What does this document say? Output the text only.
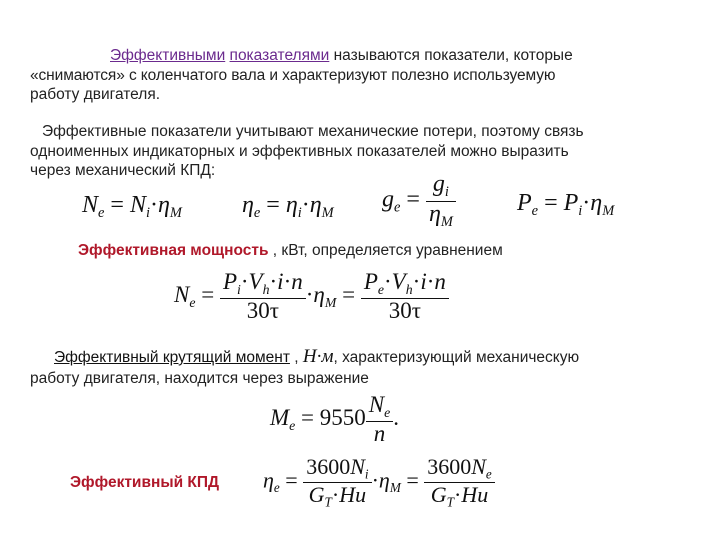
Эффективными показателями называются показатели, которые

«снимаются» с коленчатого вала и характеризуют полезно используемую

работу двигателя.

Эффективные показатели учитывают механические потери, поэтому связь

одноименных индикаторных и эффективных показателей можно выразить

через механический КПД:

$N_e = N_i\cdot\eta_M$	$\eta_e = \eta_i\cdot\eta_M$
$g_e = \frac{g_i}{\eta_M}$	$P_e = P_i\cdot\eta_M$
Эффективная мощность , кВт, определяется уравнением
$N_e = \frac{P_i\cdot V_h\cdot i\cdot n}{30\tau} \cdot\eta_M = \frac{P_e\cdot V_h\cdot i\cdot n}{30\tau}$
Эффективный крутящий момент , Н·м, характеризующий механическую
работу двигателя, находится через выражение
$M_e = 9550 \frac{N_e}{n}$ .
Эффективный КПД $\eta_e = \frac{3600N_i}{G_T\cdot Hu} \cdot\eta_M = \frac{3600N_e}{G_T\cdot Hu}$
